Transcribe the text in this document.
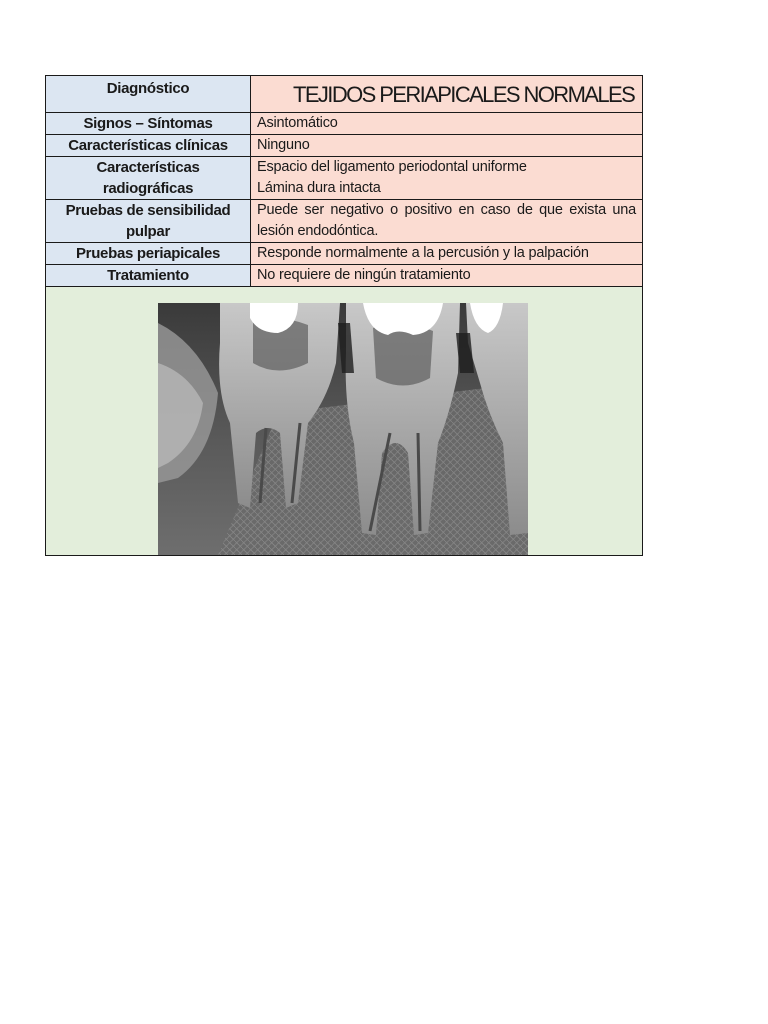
Diagnóstico	TEJIDOS PERIAPICALES NORMALES
Signos – Síntomas	Asintomático

Características clínicas	Ninguno

Características radiográficas	Espacio del ligamento periodontal uniforme
Lámina dura intacta

Pruebas de sensibilidad pulpar	Puede ser negativo o positivo en caso de que exista una lesión endodóntica.

Pruebas periapicales	Responde normalmente a la percusión y la palpación

Tratamiento	No requiere de ningún tratamiento
